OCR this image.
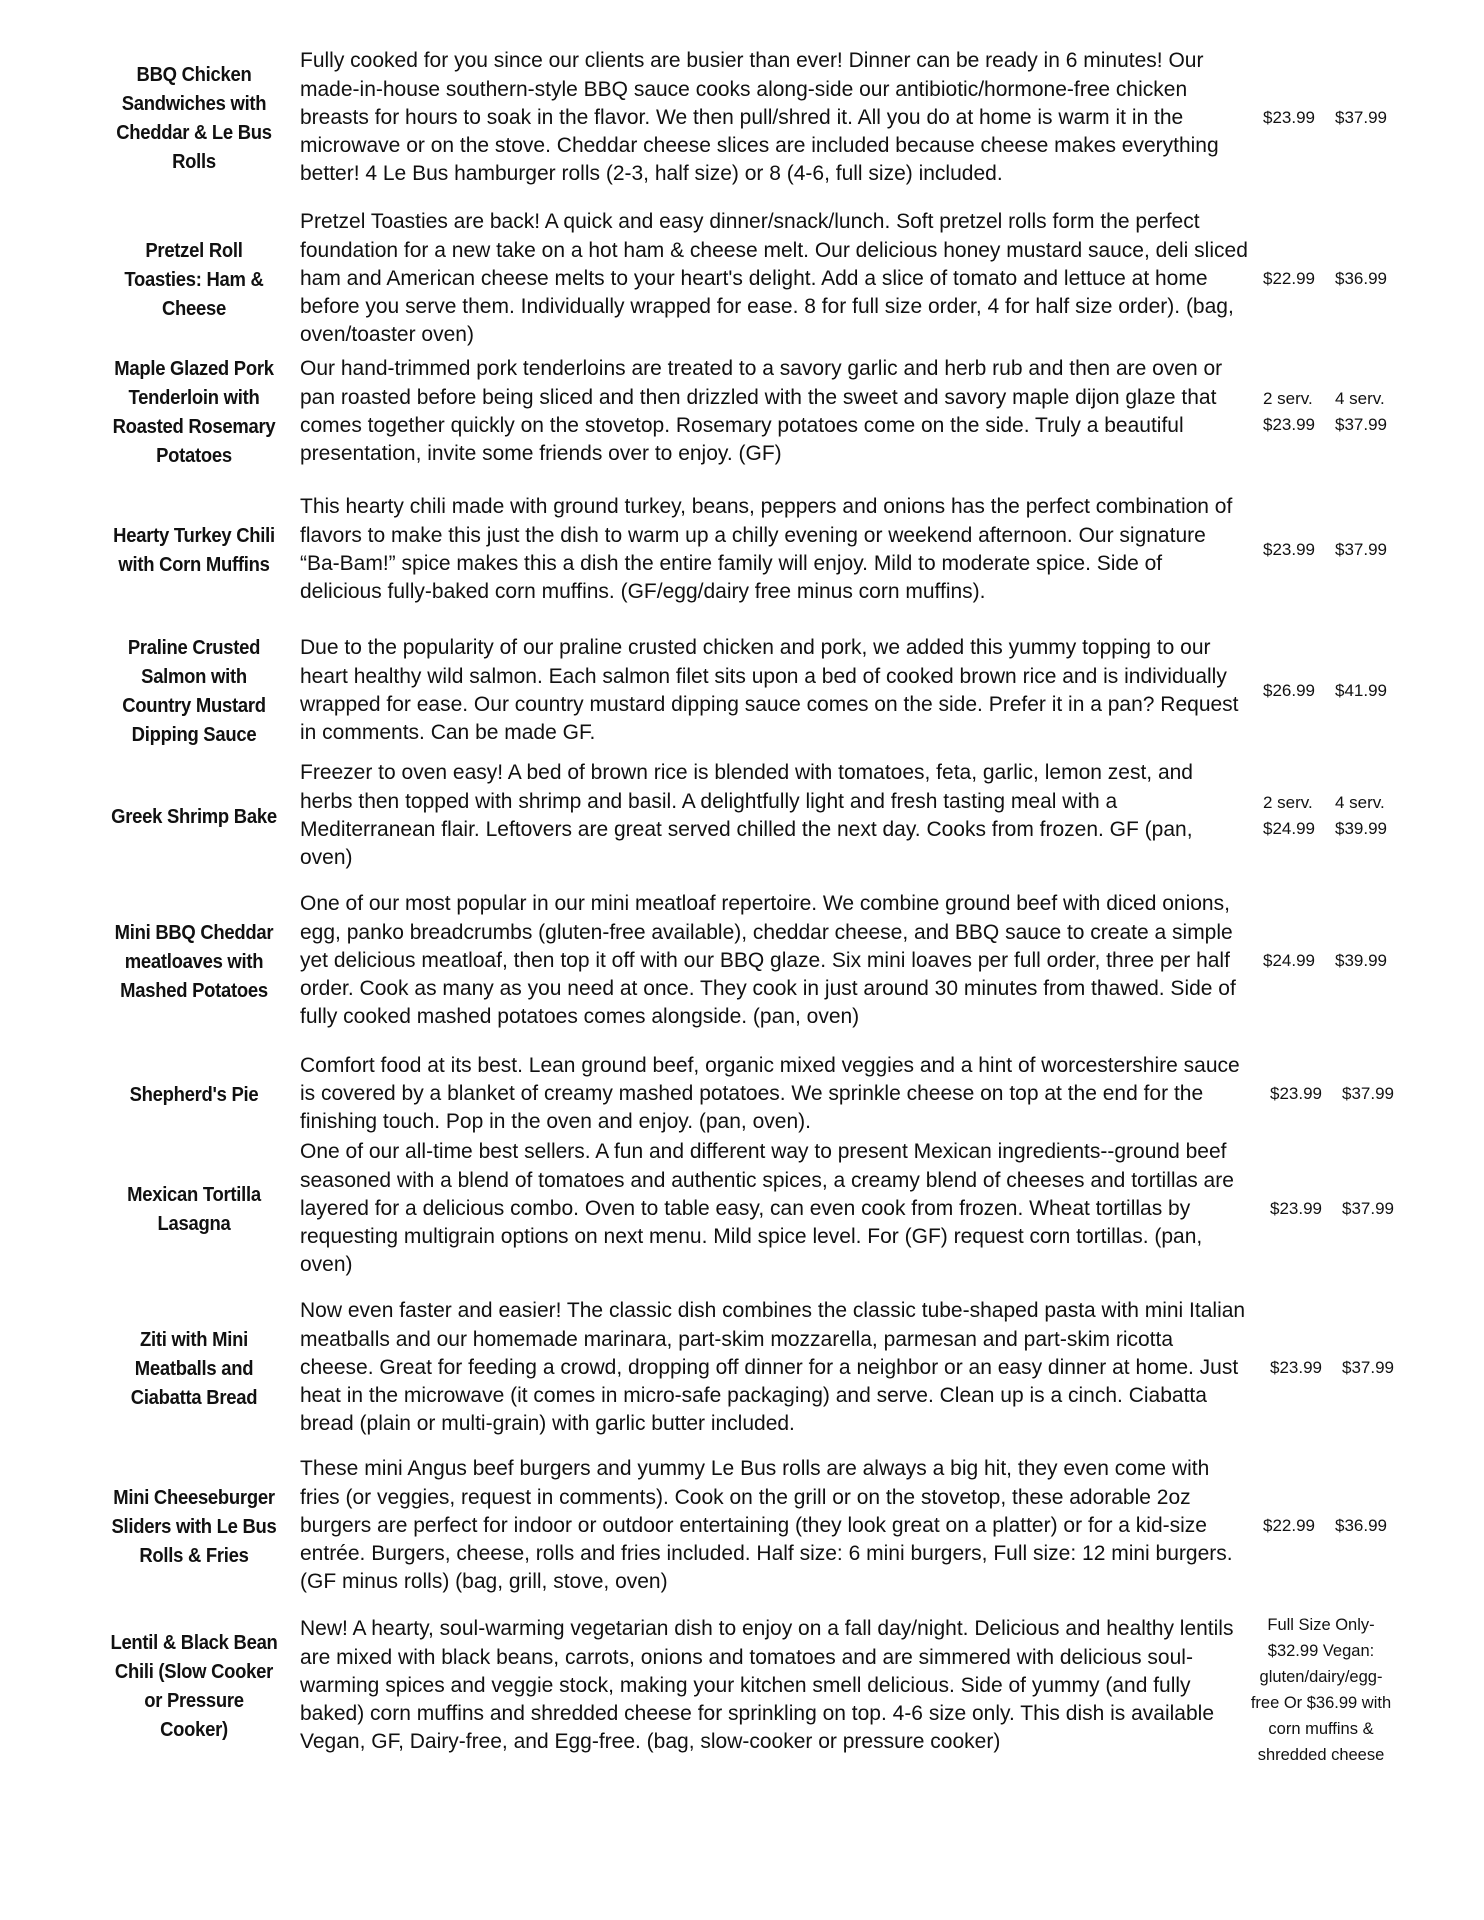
BBQ Chicken Sandwiches with Cheddar & Le Bus Rolls
Fully cooked for you since our clients are busier than ever! Dinner can be ready in 6 minutes! Our made-in-house southern-style BBQ sauce cooks along-side our antibiotic/hormone-free chicken breasts for hours to soak in the flavor. We then pull/shred it. All you do at home is warm it in the microwave or on the stove. Cheddar cheese slices are included because cheese makes everything better! 4 Le Bus hamburger rolls (2-3, half size) or 8 (4-6, full size) included.
$23.99 $37.99
Pretzel Roll Toasties: Ham & Cheese
Pretzel Toasties are back! A quick and easy dinner/snack/lunch. Soft pretzel rolls form the perfect foundation for a new take on a hot ham & cheese melt. Our delicious honey mustard sauce, deli sliced ham and American cheese melts to your heart's delight. Add a slice of tomato and lettuce at home before you serve them. Individually wrapped for ease. 8 for full size order, 4 for half size order). (bag, oven/toaster oven)
$22.99 $36.99
Maple Glazed Pork Tenderloin with Roasted Rosemary Potatoes
Our hand-trimmed pork tenderloins are treated to a savory garlic and herb rub and then are oven or pan roasted before being sliced and then drizzled with the sweet and savory maple dijon glaze that comes together quickly on the stovetop. Rosemary potatoes come on the side. Truly a beautiful presentation, invite some friends over to enjoy. (GF)
2 serv.
$23.99
4 serv.
$37.99
Hearty Turkey Chili with Corn Muffins
This hearty chili made with ground turkey, beans, peppers and onions has the perfect combination of flavors to make this just the dish to warm up a chilly evening or weekend afternoon. Our signature “Ba-Bam!” spice makes this a dish the entire family will enjoy. Mild to moderate spice. Side of delicious fully-baked corn muffins. (GF/egg/dairy free minus corn muffins).
$23.99 $37.99
Praline Crusted Salmon with Country Mustard Dipping Sauce
Due to the popularity of our praline crusted chicken and pork, we added this yummy topping to our heart healthy wild salmon. Each salmon filet sits upon a bed of cooked brown rice and is individually wrapped for ease. Our country mustard dipping sauce comes on the side. Prefer it in a pan? Request in comments. Can be made GF.
$26.99 $41.99
Greek Shrimp Bake
Freezer to oven easy! A bed of brown rice is blended with tomatoes, feta, garlic, lemon zest, and herbs then topped with shrimp and basil. A delightfully light and fresh tasting meal with a Mediterranean flair. Leftovers are great served chilled the next day. Cooks from frozen. GF (pan, oven)
2 serv.
$24.99
4 serv.
$39.99
Mini BBQ Cheddar meatloaves with Mashed Potatoes
One of our most popular in our mini meatloaf repertoire. We combine ground beef with diced onions, egg, panko breadcrumbs (gluten-free available), cheddar cheese, and BBQ sauce to create a simple yet delicious meatloaf, then top it off with our BBQ glaze. Six mini loaves per full order, three per half order. Cook as many as you need at once. They cook in just around 30 minutes from thawed. Side of fully cooked mashed potatoes comes alongside. (pan, oven)
$24.99 $39.99
Shepherd's Pie
Comfort food at its best. Lean ground beef, organic mixed veggies and a hint of worcestershire sauce is covered by a blanket of creamy mashed potatoes. We sprinkle cheese on top at the end for the finishing touch. Pop in the oven and enjoy. (pan, oven).
$23.99 $37.99
Mexican Tortilla Lasagna
One of our all-time best sellers. A fun and different way to present Mexican ingredients--ground beef seasoned with a blend of tomatoes and authentic spices, a creamy blend of cheeses and tortillas are layered for a delicious combo. Oven to table easy, can even cook from frozen. Wheat tortillas by requesting multigrain options on next menu. Mild spice level. For (GF) request corn tortillas. (pan, oven)
$23.99 $37.99
Ziti with Mini Meatballs and Ciabatta Bread
Now even faster and easier! The classic dish combines the classic tube-shaped pasta with mini Italian meatballs and our homemade marinara, part-skim mozzarella, parmesan and part-skim ricotta cheese. Great for feeding a crowd, dropping off dinner for a neighbor or an easy dinner at home. Just heat in the microwave (it comes in micro-safe packaging) and serve. Clean up is a cinch. Ciabatta bread (plain or multi-grain) with garlic butter included.
$23.99 $37.99
Mini Cheeseburger Sliders with Le Bus Rolls & Fries
These mini Angus beef burgers and yummy Le Bus rolls are always a big hit, they even come with fries (or veggies, request in comments). Cook on the grill or on the stovetop, these adorable 2oz burgers are perfect for indoor or outdoor entertaining (they look great on a platter) or for a kid-size entrée. Burgers, cheese, rolls and fries included. Half size: 6 mini burgers, Full size: 12 mini burgers. (GF minus rolls) (bag, grill, stove, oven)
$22.99 $36.99
Lentil & Black Bean Chili (Slow Cooker or Pressure Cooker)
New! A hearty, soul-warming vegetarian dish to enjoy on a fall day/night. Delicious and healthy lentils are mixed with black beans, carrots, onions and tomatoes and are simmered with delicious soul-warming spices and veggie stock, making your kitchen smell delicious. Side of yummy (and fully baked) corn muffins and shredded cheese for sprinkling on top. 4-6 size only. This dish is available Vegan, GF, Dairy-free, and Egg-free. (bag, slow-cooker or pressure cooker)
Full Size Only- $32.99 Vegan: gluten/dairy/egg-free Or $36.99 with corn muffins & shredded cheese
